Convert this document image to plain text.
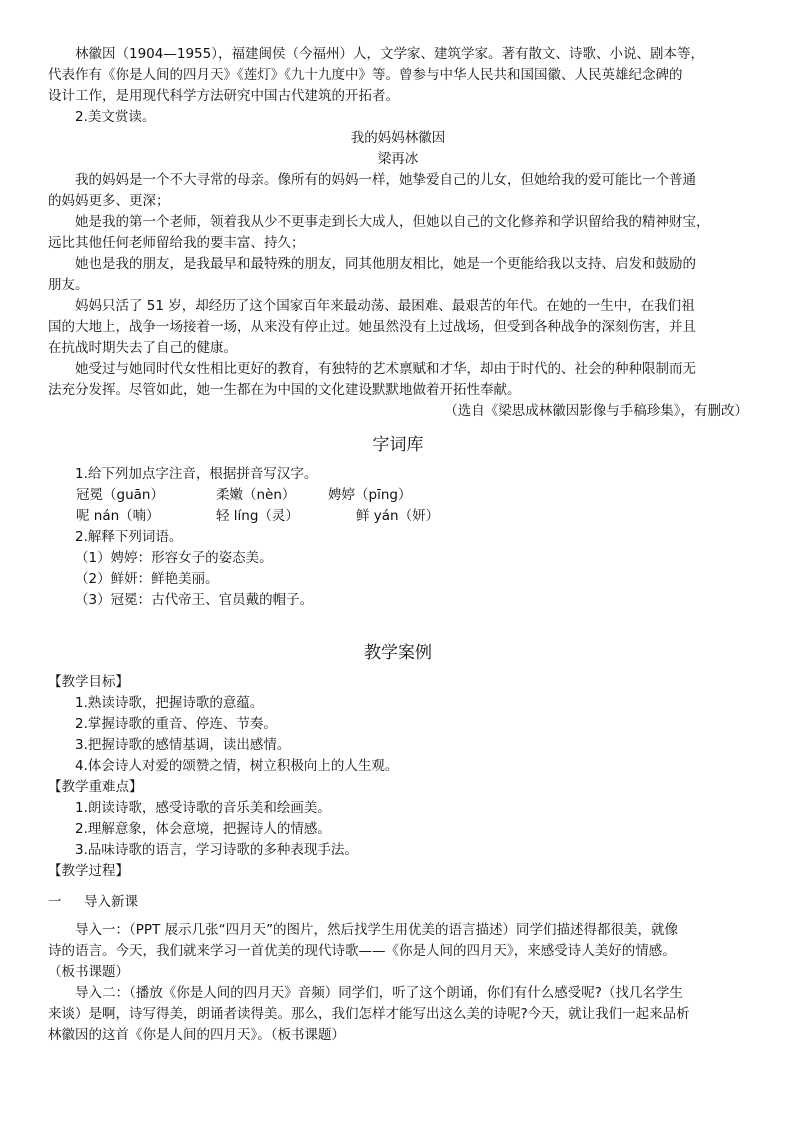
林徽因（1904—1955），福建闽侯（今福州）人，文学家、建筑学家。著有散文、诗歌、小说、剧本等，

代表作有《你是人间的四月天》《莲灯》《九十九度中》等。曾参与中华人民共和国国徽、人民英雄纪念碑的

设计工作，是用现代科学方法研究中国古代建筑的开拓者。

2.美文赏读。

我的妈妈林徽因

梁再冰

我的妈妈是一个不大寻常的母亲。像所有的妈妈一样，她挚爱自己的儿女，但她给我的爱可能比一个普通

的妈妈更多、更深；

她是我的第一个老师，领着我从少不更事走到长大成人，但她以自己的文化修养和学识留给我的精神财宝，

远比其他任何老师留给我的要丰富、持久；

她也是我的朋友，是我最早和最特殊的朋友，同其他朋友相比，她是一个更能给我以支持、启发和鼓励的

朋友。

妈妈只活了 51 岁，却经历了这个国家百年来最动荡、最困难、最艰苦的年代。在她的一生中，在我们祖

国的大地上，战争一场接着一场，从来没有停止过。她虽然没有上过战场，但受到各种战争的深刻伤害，并且

在抗战时期失去了自己的健康。

她受过与她同时代女性相比更好的教育，有独特的艺术禀赋和才华，却由于时代的、社会的种种限制而无

法充分发挥。尽管如此，她一生都在为中国的文化建设默默地做着开拓性奉献。

（选自《梁思成林徽因影像与手稿珍集》，有删改）

字词库

1.给下列加点字注音，根据拼音写汉字。

冠冕（guān）	柔嫩（nèn） 娉婷（pīng）
呢 nán（喃）	轻 líng（灵）	鲜 yán（妍）

2.解释下列词语。

（1）娉婷：形容女子的姿态美。

（2）鲜妍：鲜艳美丽。

（3）冠冕：古代帝王、官员戴的帽子。

教学案例

【教学目标】

1.熟读诗歌，把握诗歌的意蕴。

2.掌握诗歌的重音、停连、节奏。

3.把握诗歌的感情基调，读出感情。

4.体会诗人对爱的颂赞之情，树立积极向上的人生观。

【教学重难点】

1.朗读诗歌，感受诗歌的音乐美和绘画美。

2.理解意象，体会意境，把握诗人的情感。

3.品味诗歌的语言，学习诗歌的多种表现手法。

【教学过程】

一 导入新课

导入一：（PPT 展示几张“四月天”的图片，然后找学生用优美的语言描述）同学们描述得都很美，就像

诗的语言。今天，我们就来学习一首优美的现代诗歌——《你是人间的四月天》，来感受诗人美好的情感。

（板书课题）

导入二：（播放《你是人间的四月天》音频）同学们，听了这个朗诵，你们有什么感受呢?（找几名学生

来谈）是啊，诗写得美，朗诵者读得美。那么，我们怎样才能写出这么美的诗呢?今天，就让我们一起来品析

林徽因的这首《你是人间的四月天》。（板书课题）
